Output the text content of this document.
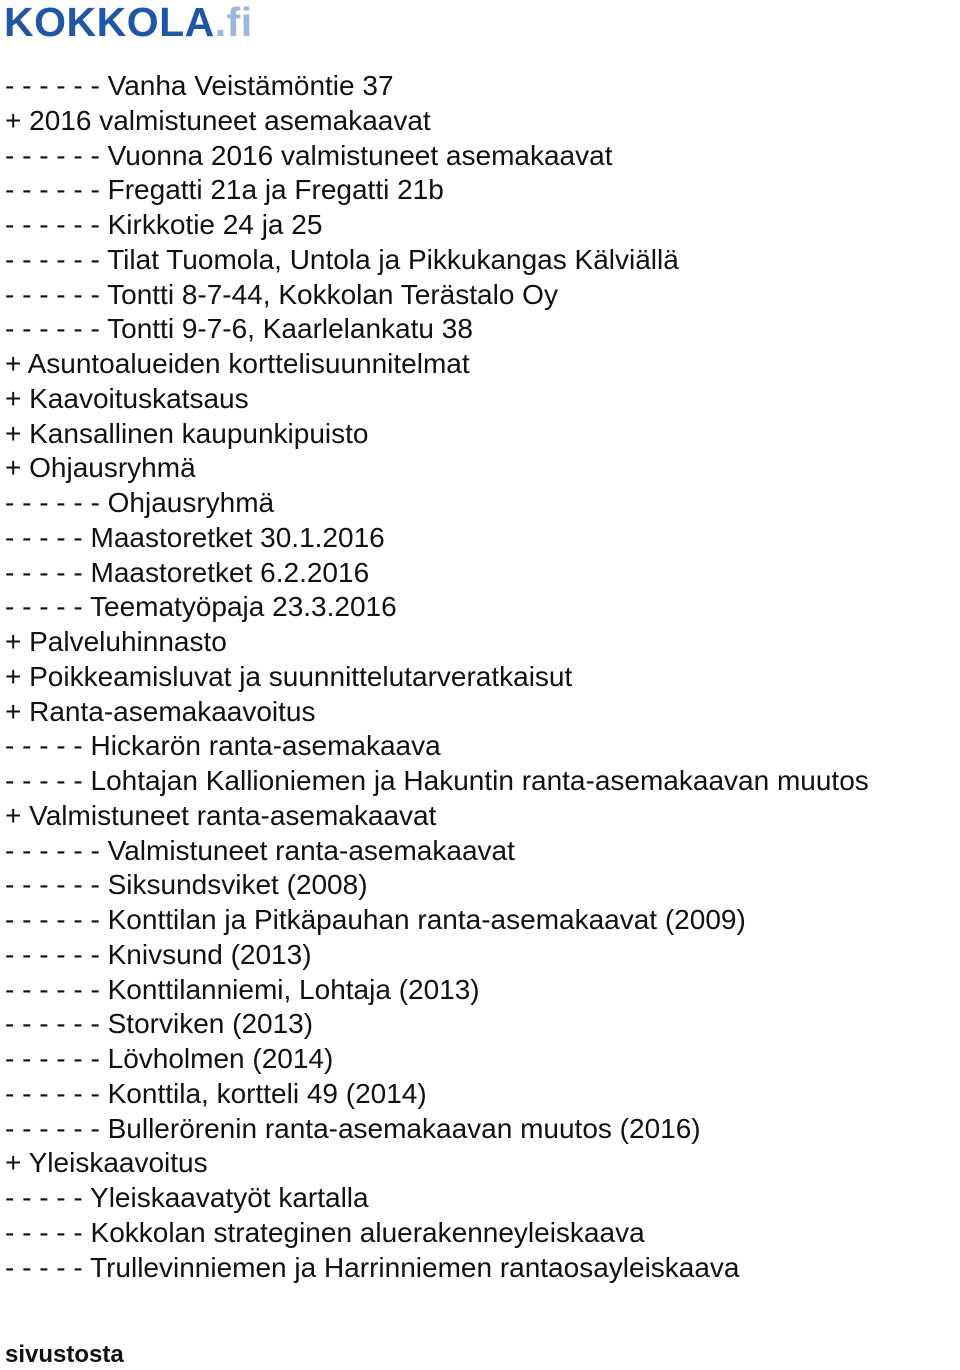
KOKKOLA.fi
- - - - - - Vanha Veistämöntie 37
+ 2016 valmistuneet asemakaavat
- - - - - - Vuonna 2016 valmistuneet asemakaavat
- - - - - - Fregatti 21a ja Fregatti 21b
- - - - - - Kirkkotie 24 ja 25
- - - - - - Tilat Tuomola, Untola ja Pikkukangas Kälviällä
- - - - - - Tontti 8-7-44, Kokkolan Terästalo Oy
- - - - - - Tontti 9-7-6, Kaarlelankatu 38
+ Asuntoalueiden korttelisuunnitelmat
+ Kaavoituskatsaus
+ Kansallinen kaupunkipuisto
+ Ohjausryhmä
- - - - - - Ohjausryhmä
- - - - - Maastoretket 30.1.2016
- - - - - Maastoretket 6.2.2016
- - - - - Teematyöpaja 23.3.2016
+ Palveluhinnasto
+ Poikkeamisluvat ja suunnittelutarveratkaisut
+ Ranta-asemakaavoitus
- - - - - Hickarön ranta-asemakaava
- - - - - Lohtajan Kallioniemen ja Hakuntin ranta-asemakaavan muutos
+ Valmistuneet ranta-asemakaavat
- - - - - - Valmistuneet ranta-asemakaavat
- - - - - - Siksundsviket (2008)
- - - - - - Konttilan ja Pitkäpauhan ranta-asemakaavat (2009)
- - - - - - Knivsund (2013)
- - - - - - Konttilanniemi, Lohtaja (2013)
- - - - - - Storviken (2013)
- - - - - - Lövholmen (2014)
- - - - - - Konttila, kortteli 49 (2014)
- - - - - - Bullerörenin ranta-asemakaavan muutos (2016)
+ Yleiskaavoitus
- - - - - Yleiskaavatyöt kartalla
- - - - - Kokkolan strateginen aluerakenneyleiskaava
- - - - - Trullevinniemen ja Harrinniemen rantaosayleiskaava
sivustosta
